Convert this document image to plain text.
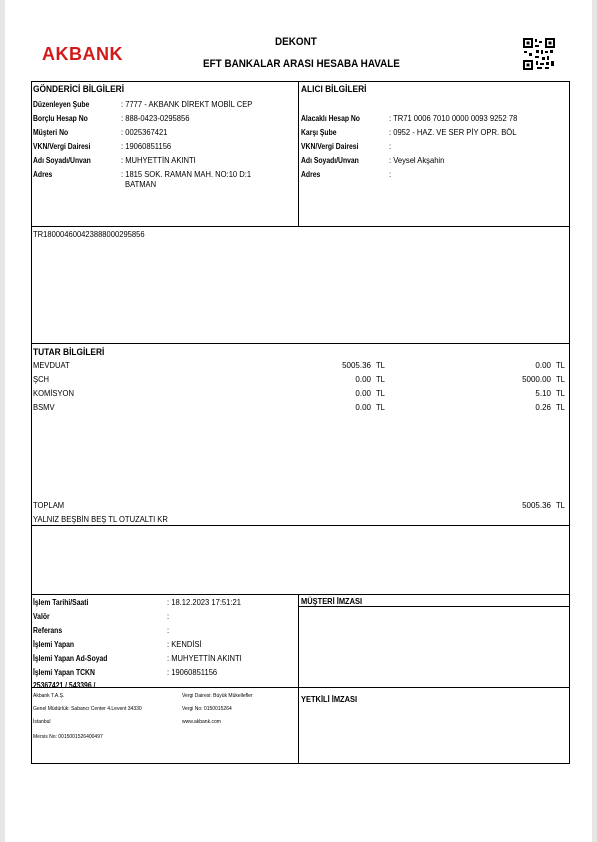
AKBANK
DEKONT
EFT BANKALAR ARASI HESABA HAVALE
GÖNDERİCİ BİLGİLERİ
Düzenleyen Şube	: 7777 - AKBANK DİREKT MOBİL CEP
Borçlu Hesap No	: 888-0423-0295856
Müşteri No	: 0025367421
VKN/Vergi Dairesi	: 19060851156
Adı Soyadı/Unvan	: MUHYETTİN AKINTI
Adres	: 1815 SOK. RAMAN MAH. NO:10 D:1
BATMAN
ALICI BİLGİLERİ
Alacaklı Hesap No	: TR71 0006 7010 0000 0093 9252 78
Karşı Şube	: 0952 - HAZ. VE SER PİY OPR. BÖL
VKN/Vergi Dairesi	:
Adı Soyadı/Unvan	: Veysel Akşahin
Adres	:
TR180004600423888000295856
TUTAR BİLGİLERİ
MEVDUAT	5005.36 TL	0.00 TL
ŞCH	0.00 TL	5000.00 TL
KOMİSYON	0.00 TL	5.10 TL
BSMV	0.00 TL	0.26 TL
TOPLAM	5005.36 TL
YALNIZ BEŞBİN BEŞ TL OTUZALTI KR
İşlem Tarihi/Saati	: 18.12.2023 17:51:21
Valör	:
Referans	:
İşlemi Yapan	: KENDİSİ
İşlemi Yapan Ad-Soyad	: MUHYETTİN AKINTI
İşlemi Yapan TCKN	: 19060851156
25367421 / 543396 /
MÜŞTERİ İMZASI
YETKİLİ İMZASI
Akbank T.A.Ş.
Genel Müdürlük: Sabancı Center 4.Levent 34330
İstanbul
Mersis No: 0015001526400497
Vergi Dairesi: Büyük Mükellefler
Vergi No: 0150015264
www.akbank.com
